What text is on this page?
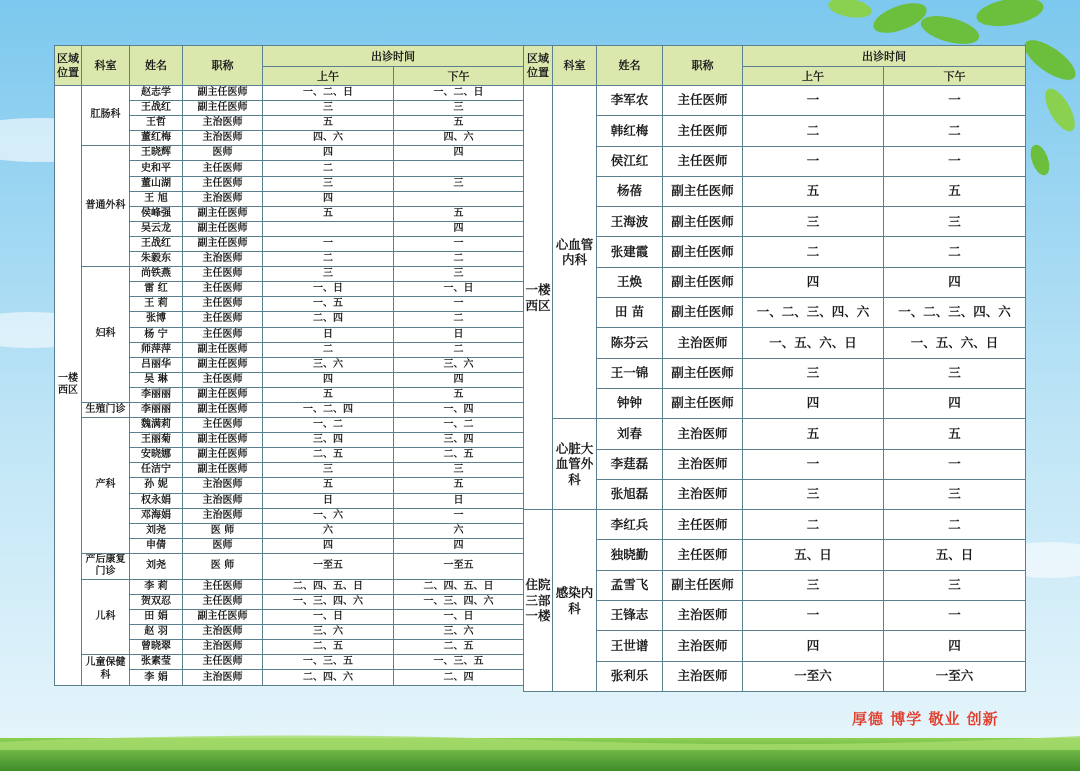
区域位置	科室	姓名	职称	出诊时间	
				上午	下午
一楼西区	肛肠科	赵志学	副主任医师	一、二、日	一、二、日
		王战红	副主任医师	三	三
		王哲	主治医师	五	五
		董红梅	主治医师	四、六	四、六
	普通外科	王晓辉	医师	四	四
		史和平	主任医师	二	
		董山湖	主任医师	三	三
		王 旭	主治医师	四	
		侯峰强	副主任医师	五	五
		吴云龙	副主任医师		四
		王战红	副主任医师	一	一
		朱毅东	主治医师	二	二
	妇科	尚铁燕	主任医师	三	三
		雷 红	主任医师	一、日	一、日
		王 莉	主任医师	一、五	一
		张博	主任医师	二、四	二
		杨 宁	主任医师	日	日
		师萍萍	副主任医师	二	二
		吕丽华	副主任医师	三、六	三、六
		吴 琳	主任医师	四	四
		李丽丽	副主任医师	五	五
	生殖门诊	李丽丽	副主任医师	一、二、四	一、四
	产科	魏满莉	主任医师	一、二	一、二
		王丽菊	副主任医师	三、四	三、四
		安晓娜	副主任医师	二、五	二、五
		任洁宁	副主任医师	三	三
		孙 妮	主治医师	五	五
		权永娟	主治医师	日	日
		邓海娟	主治医师	一、六	一
		刘尧	医 师	六	六
		申倩	医师	四	四
	产后康复门诊	刘尧	医 师	一至五	一至五
	儿科	李 莉	主任医师	二、四、五、日	二、四、五、日
		贺双忍	主任医师	一、三、四、六	一、三、四、六
		田 娟	副主任医师	一、日	一、日
		赵 羽	主治医师	三、六	三、六
		曾晓翠	主治医师	二、五	二、五
	儿童保健科	张素莹	主任医师	一、三、五	一、三、五
		李 娟	主治医师	二、四、六	二、四
区域位置	科室	姓名	职称	出诊时间	
				上午	下午
一楼西区	心血管内科	李军农	主任医师	一	一
		韩红梅	主任医师	二	二
		侯江红	主任医师	一	一
		杨蓓	副主任医师	五	五
		王海波	副主任医师	三	三
		张建霞	副主任医师	二	二
		王焕	副主任医师	四	四
		田 苗	副主任医师	一、二、三、四、六	一、二、三、四、六
		陈芬云	主治医师	一、五、六、日	一、五、六、日
		王一锦	副主任医师	三	三
		钟钟	副主任医师	四	四
	心脏大血管外科	刘春	主治医师	五	五
		李莛磊	主治医师	一	一
		张旭磊	主治医师	三	三
住院三部一楼	感染内科	李红兵	主任医师	二	二
		独晓勤	主任医师	五、日	五、日
		孟雪飞	副主任医师	三	三
		王锋志	主治医师	一	一
		王世谱	主治医师	四	四
		张利乐	主治医师	一至六	一至六
厚德 博学 敬业 创新
